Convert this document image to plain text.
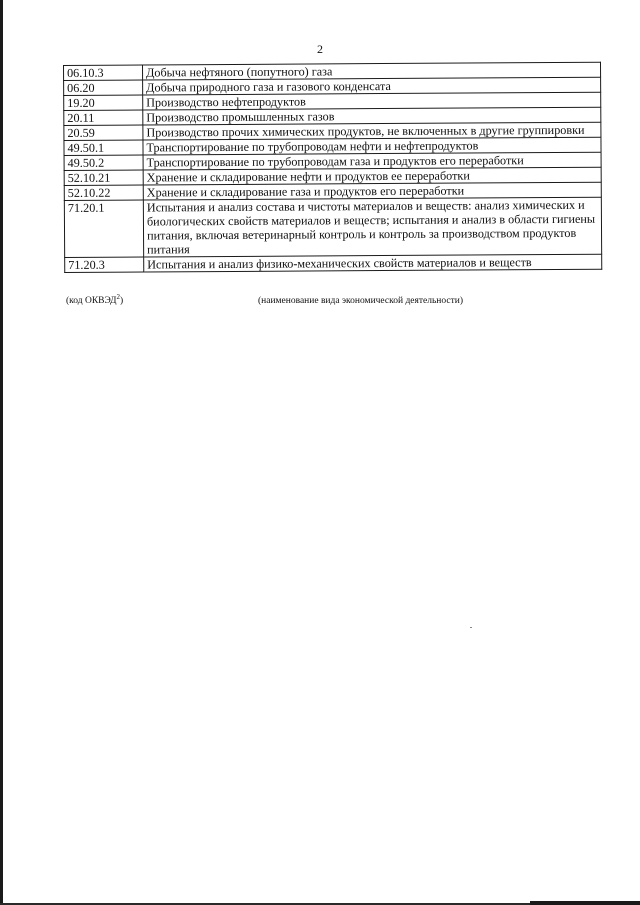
2
06.10.3	Добыча нефтяного (попутного) газа
06.20	Добыча природного газа и газового конденсата
19.20	Производство нефтепродуктов
20.11	Производство промышленных газов
20.59	Производство прочих химических продуктов, не включенных в другие группировки
49.50.1	Транспортирование по трубопроводам нефти и нефтепродуктов
49.50.2	Транспортирование по трубопроводам газа и продуктов его переработки
52.10.21	Хранение и складирование нефти и продуктов ее переработки
52.10.22	Хранение и складирование газа и продуктов его переработки
71.20.1	Испытания и анализ состава и чистоты материалов и веществ: анализ химических и биологических свойств материалов и веществ; испытания и анализ в области гигиены питания, включая ветеринарный контроль и контроль за производством продуктов питания
71.20.3	Испытания и анализ физико-механических свойств материалов и веществ
(код ОКВЭД$^2$)	(наименование вида экономической деятельности)
